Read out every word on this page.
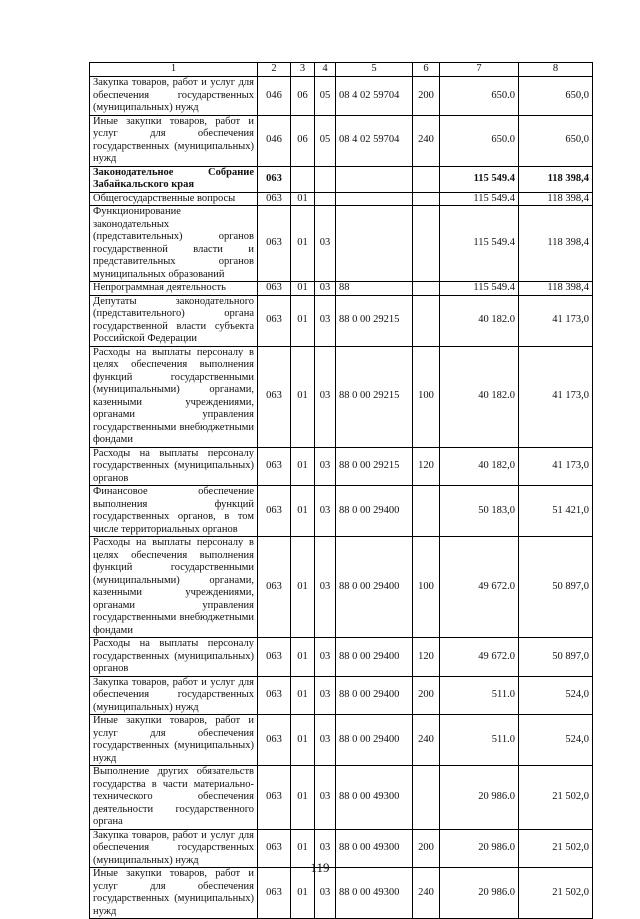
1	2	3	4	5	6	7	8
Закупка товаров, работ и услуг для обеспечения государственных (муниципальных) нужд	046	06	05	08 4 02 59704	200	650.0	650,0
Иные закупки товаров, работ и услуг для обеспечения государственных (муниципальных) нужд	046	06	05	08 4 02 59704	240	650.0	650,0
Законодательное Собрание Забайкальского края	063					115 549.4	118 398,4
Общегосударственные вопросы	063	01				115 549.4	118 398,4
Функционирование законодательных (представительных) органов государственной власти и представительных органов муниципальных образований	063	01	03			115 549.4	118 398,4
Непрограммная деятельность	063	01	03	88		115 549.4	118 398,4
Депутаты законодательного (представительного) органа государственной власти субъекта Российской Федерации	063	01	03	88 0 00 29215		40 182.0	41 173,0
Расходы на выплаты персоналу в целях обеспечения выполнения функций государственными (муниципальными) органами, казенными учреждениями, органами управления государственными внебюджетными фондами	063	01	03	88 0 00 29215	100	40 182.0	41 173,0
Расходы на выплаты персоналу государственных (муниципальных) органов	063	01	03	88 0 00 29215	120	40 182,0	41 173,0
Финансовое обеспечение выполнения функций государственных органов, в том числе территориальных органов	063	01	03	88 0 00 29400		50 183,0	51 421,0
Расходы на выплаты персоналу в целях обеспечения выполнения функций государственными (муниципальными) органами, казенными учреждениями, органами управления государственными внебюджетными фондами	063	01	03	88 0 00 29400	100	49 672.0	50 897,0
Расходы на выплаты персоналу государственных (муниципальных) органов	063	01	03	88 0 00 29400	120	49 672.0	50 897,0
Закупка товаров, работ и услуг для обеспечения государственных (муниципальных) нужд	063	01	03	88 0 00 29400	200	511.0	524,0
Иные закупки товаров, работ и услуг для обеспечения государственных (муниципальных) нужд	063	01	03	88 0 00 29400	240	511.0	524,0
Выполнение других обязательств государства в части материально-технического обеспечения деятельности государственного органа	063	01	03	88 0 00 49300		20 986.0	21 502,0
Закупка товаров, работ и услуг для обеспечения государственных (муниципальных) нужд	063	01	03	88 0 00 49300	200	20 986.0	21 502,0
Иные закупки товаров, работ и услуг для обеспечения государственных (муниципальных) нужд	063	01	03	88 0 00 49300	240	20 986.0	21 502,0
119
